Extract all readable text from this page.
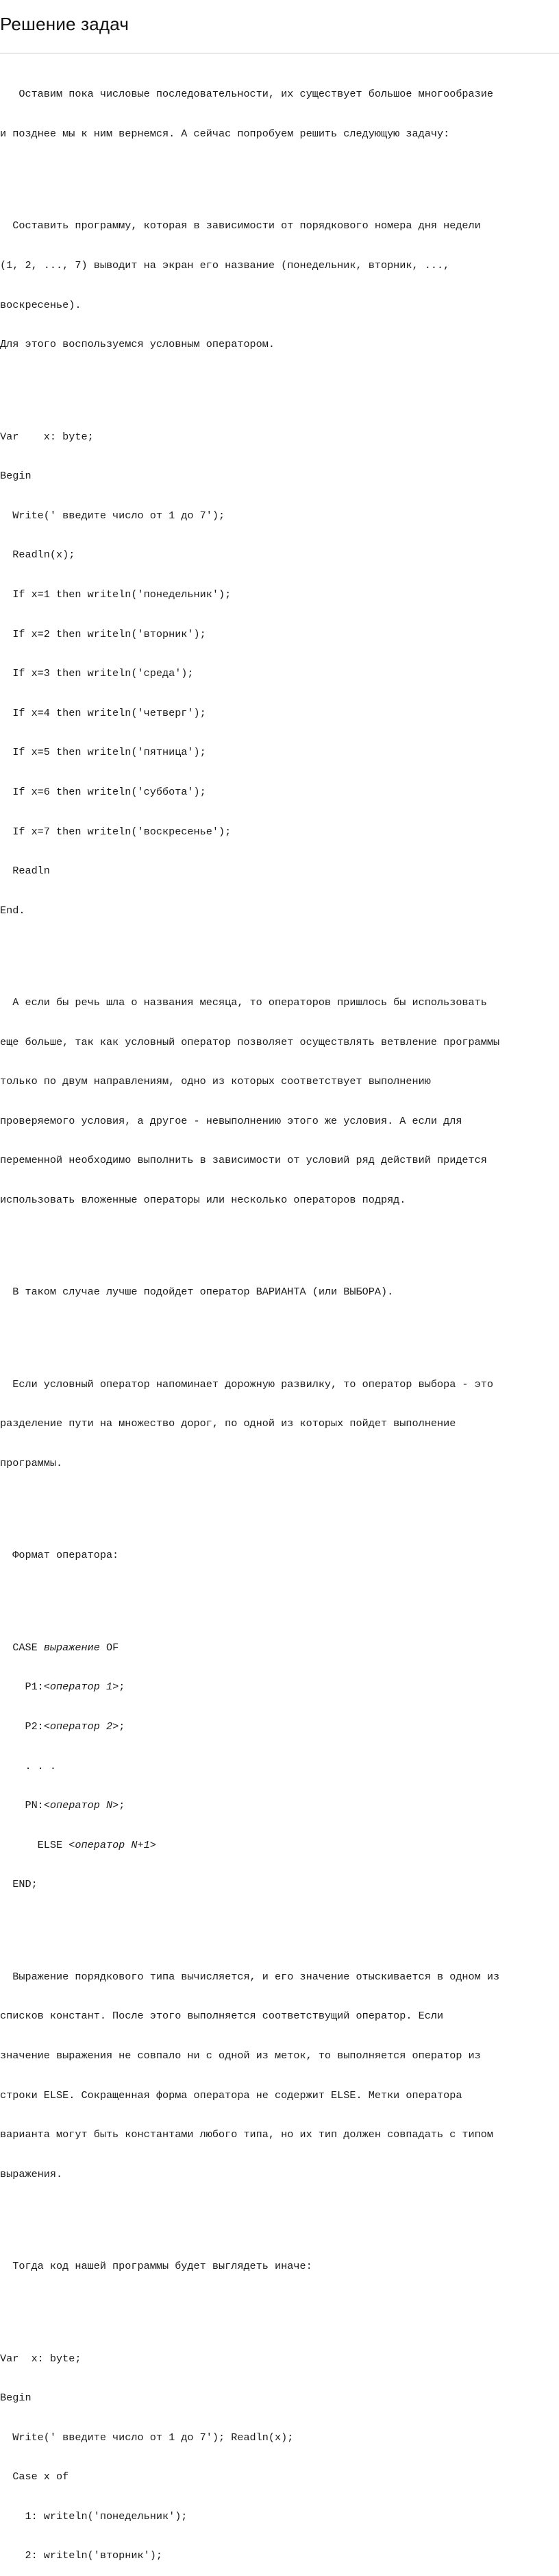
Решение задач

Оставим пока числовые последовательности, их существует большое многообразие

и позднее мы к ним вернемся. А сейчас попробуем решить следующую задачу:

Составить программу, которая в зависимости от порядкового номера дня недели

(1, 2, ..., 7) выводит на экран его название (понедельник, вторник, ...,

воскресенье).

Для этого воспользуемся условным оператором.

Var    x: byte;

Begin

Write(' введите число от 1 до 7');

Readln(x);

If x=1 then writeln('понедельник');

If x=2 then writeln('вторник');

If x=3 then writeln('среда');

If x=4 then writeln('четверг');

If x=5 then writeln('пятница');

If x=6 then writeln('суббота');

If x=7 then writeln('воскресенье');

Readln

End.

А если бы речь шла о названия месяца, то операторов пришлось бы использовать

еще больше, так как условный оператор позволяет осуществлять ветвление программы

только по двум направлениям, одно из которых соответствует выполнению

проверяемого условия, а другое - невыполнению этого же условия. А если для

переменной необходимо выполнить в зависимости от условий ряд действий придется

использовать вложенные операторы или несколько операторов подряд.

В таком случае лучше подойдет оператор ВАРИАНТА (или ВЫБОРА).

Если условный оператор напоминает дорожную развилку, то оператор выбора - это

разделение пути на множество дорог, по одной из которых пойдет выполнение

программы.

Формат оператора:

CASE выражение OF

P1:<оператор 1>;

P2:<оператор 2>;

. . .

PN:<оператор N>;

ELSE <оператор N+1>

END;

Выражение порядкового типа вычисляется, и его значение отыскивается в одном из

списков констант. После этого выполняется соответствущий оператор. Если

значение выражения не совпало ни с одной из меток, то выполняется оператор из

строки ELSE. Сокращенная форма оператора не содержит ELSE. Метки оператора

варианта могут быть константами любого типа, но их тип должен совпадать с типом

выражения.

Тогда код нашей программы будет выглядеть иначе:

Var  x: byte;

Begin

Write(' введите число от 1 до 7'); Readln(x);

Case x of

1: writeln('понедельник');

2: writeln('вторник');
